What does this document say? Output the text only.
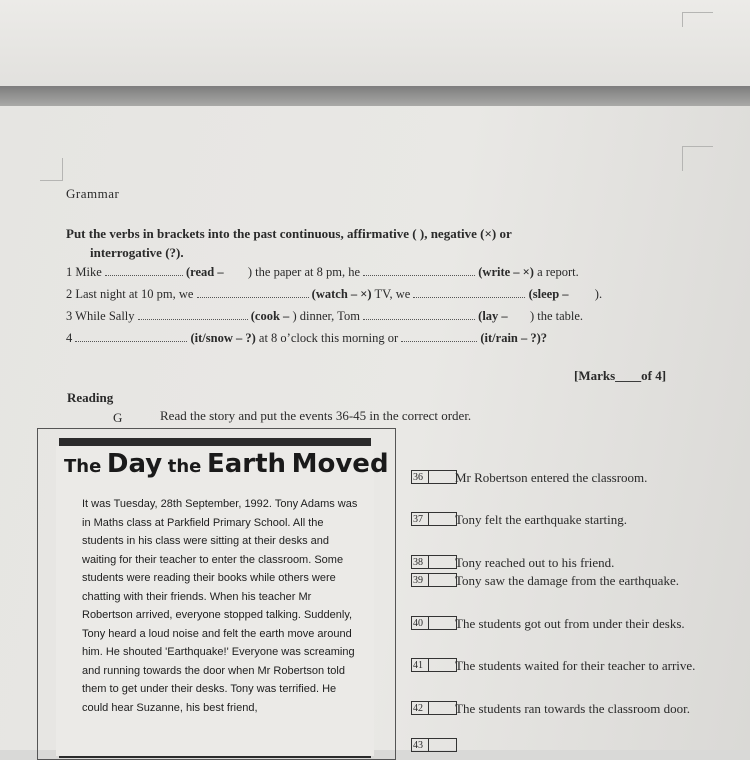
Grammar
Put the verbs in brackets into the past continuous, affirmative ( ), negative (×) or
interrogative (?).
1 Mike	(read – ) the paper at 8 pm, he	(write – ×) a report.
2 Last night at 10 pm, we	(watch – ×) TV, we	(sleep – ).
3 While Sally	(cook – ) dinner, Tom	(lay – ) the table.
4	(it/snow – ?) at 8 o’clock this morning or	(it/rain – ?)?
[Marks____of 4]
Reading
G	Read the story and put the events 36-45 in the correct order.
The Day the Earth Moved
It was Tuesday, 28th September, 1992. Tony Adams was in Maths class at Parkfield Primary School. All the students in his class were sitting at their desks and waiting for their teacher to enter the classroom. Some students were reading their books while others were chatting with their friends. When his teacher Mr Robertson arrived, everyone stopped talking. Suddenly, Tony heard a loud noise and felt the earth move around him. He shouted 'Earthquake!' Everyone was screaming and running towards the door when Mr Robertson told them to get under their desks. Tony was terrified. He could hear Suzanne, his best friend,
36	Mr Robertson entered the classroom.
37	Tony felt the earthquake starting.
38	Tony reached out to his friend.
39	Tony saw the damage from the earthquake.
40	The students got out from under their desks.
41	The students waited for their teacher to arrive.
42	The students ran towards the classroom door.
43
